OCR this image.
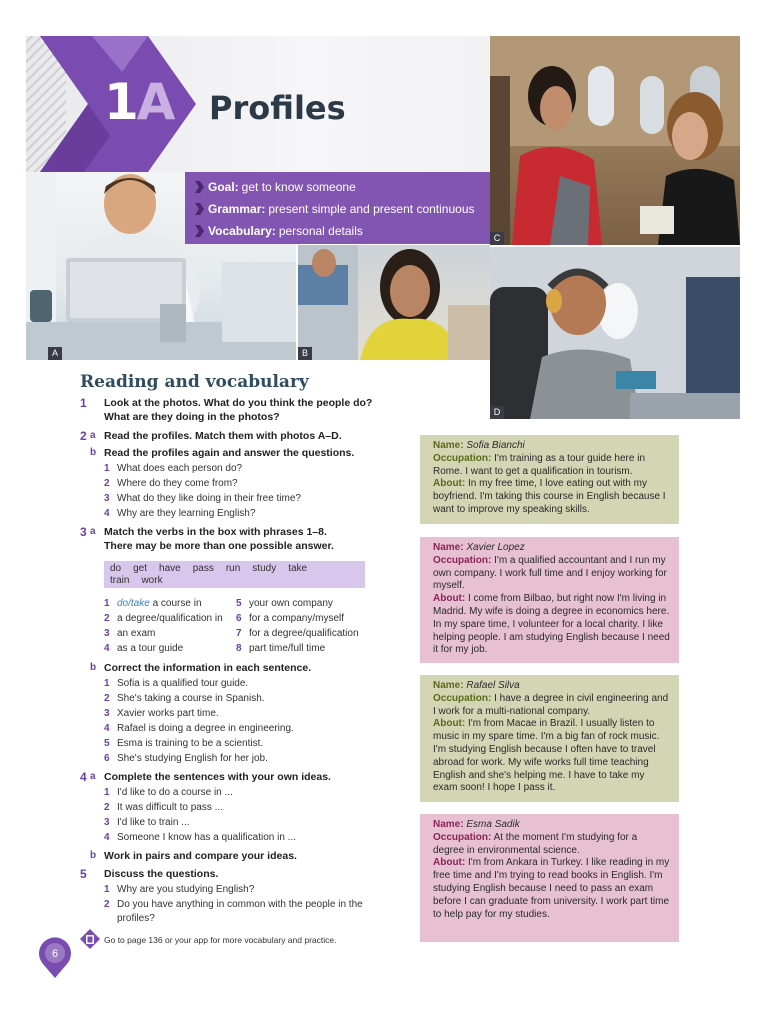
1A Profiles
A	B
C
D
Goal: get to know someone
Grammar: present simple and present continuous
Vocabulary: personal details
Reading and vocabulary
1 Look at the photos. What do you think the people do?
What are they doing in the photos?
2 a Read the profiles. Match them with photos A–D.
b Read the profiles again and answer the questions.
1 What does each person do?
2 Where do they come from?
3 What do they like doing in their free time?
4 Why are they learning English?
3 a Match the verbs in the box with phrases 1–8.
There may be more than one possible answer.
do get have pass run study take
train work
1 do/take a course in
2 a degree/qualification in
3 an exam
4 as a tour guide
5 your own company
6 for a company/myself
7 for a degree/qualification
8 part time/full time
b Correct the information in each sentence.
1 Sofia is a qualified tour guide.
2 She's taking a course in Spanish.
3 Xavier works part time.
4 Rafael is doing a degree in engineering.
5 Esma is training to be a scientist.
6 She's studying English for her job.
4 a Complete the sentences with your own ideas.
1 I'd like to do a course in ...
2 It was difficult to pass ...
3 I'd like to train ...
4 Someone I know has a qualification in ...
b Work in pairs and compare your ideas.
5 Discuss the questions.
1 Why are you studying English?
2 Do you have anything in common with the people in the
profiles?
Go to page 136 or your app for more vocabulary and practice.
6

Name: Sofia Bianchi

Occupation: I'm training as a tour guide here in Rome. I want to get a qualification in tourism.

About: In my free time, I love eating out with my boyfriend. I'm taking this course in English because I want to improve my speaking skills.

Name: Xavier Lopez

Occupation: I'm a qualified accountant and I run my own company. I work full time and I enjoy working for myself.

About: I come from Bilbao, but right now I'm living in Madrid. My wife is doing a degree in economics here. In my spare time, I volunteer for a local charity. I like helping people. I am studying English because I need it for my job.

Name: Rafael Silva

Occupation: I have a degree in civil engineering and I work for a multi-national company.

About: I'm from Macae in Brazil. I usually listen to music in my spare time. I'm a big fan of rock music. I'm studying English because I often have to travel abroad for work. My wife works full time teaching English and she's helping me. I have to take my exam soon! I hope I pass it.

Name: Esma Sadik

Occupation: At the moment I'm studying for a degree in environmental science.

About: I'm from Ankara in Turkey. I like reading in my free time and I'm trying to read books in English. I'm studying English because I need to pass an exam before I can graduate from university. I work part time to help pay for my studies.
